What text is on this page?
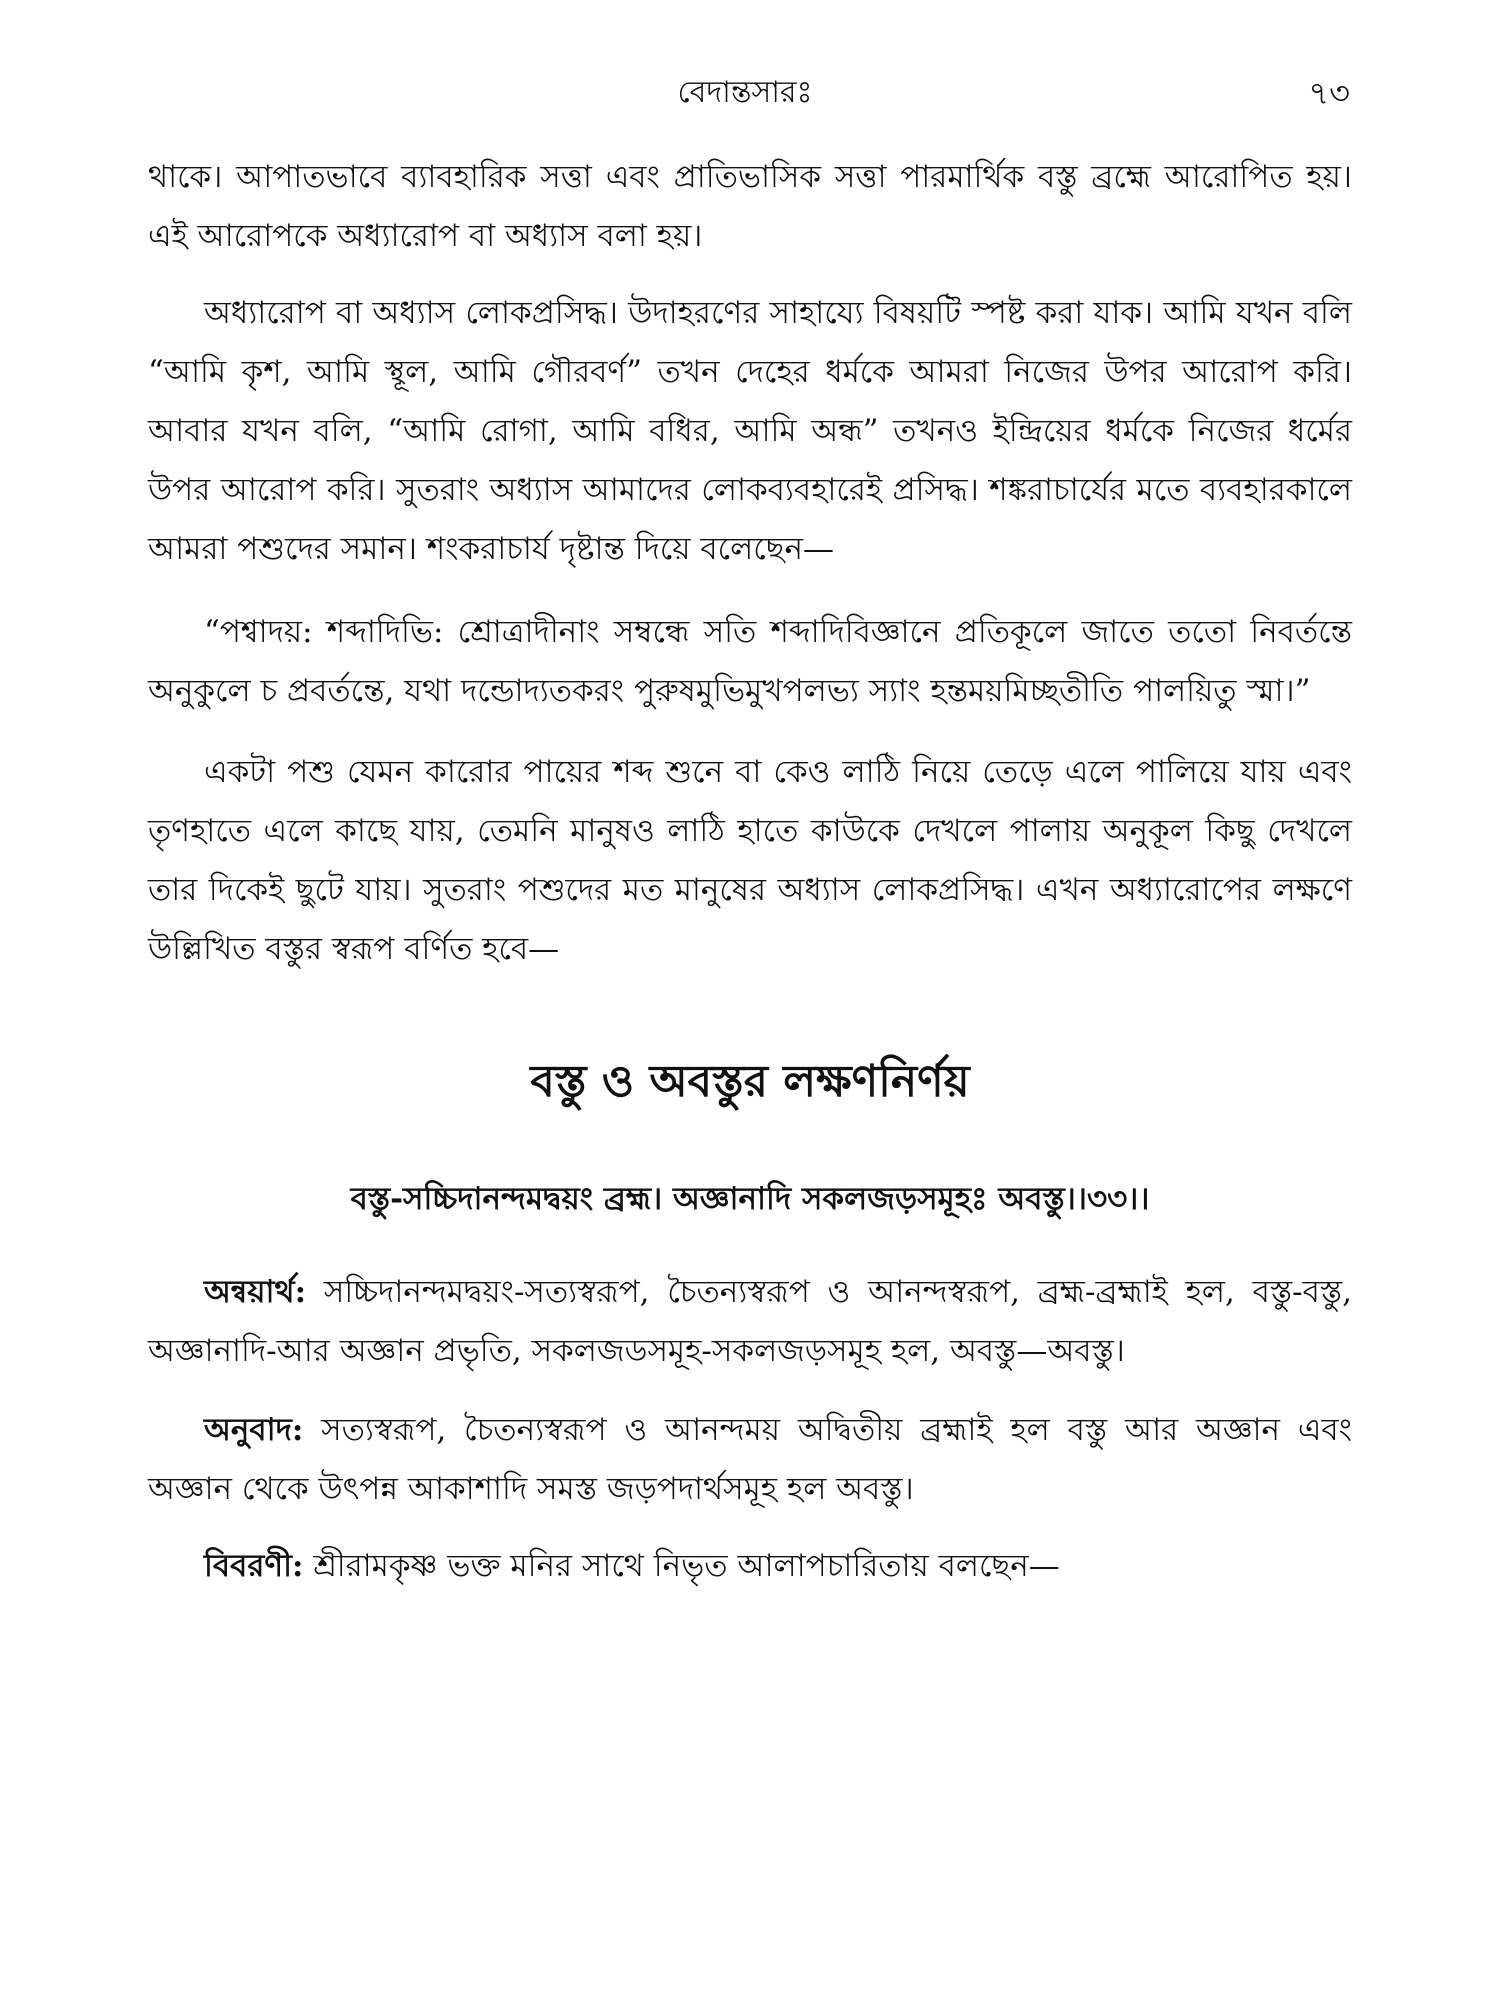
বেদান্তসারঃ	৭৩

থাকে। আপাতভাবে ব্যাবহারিক সত্তা এবং প্রাতিভাসিক সত্তা পারমার্থিক বস্তু ব্রহ্মে আরোপিত হয়। এই আরোপকে অধ্যারোপ বা অধ্যাস বলা হয়।

অধ্যারোপ বা অধ্যাস লোকপ্রসিদ্ধ। উদাহরণের সাহায্যে বিষয়টি স্পষ্ট করা যাক। আমি যখন বলি “আমি কৃশ, আমি স্থূল, আমি গৌরবর্ণ” তখন দেহের ধর্মকে আমরা নিজের উপর আরোপ করি। আবার যখন বলি, “আমি রোগা, আমি বধির, আমি অন্ধ” তখনও ইন্দ্রিয়ের ধর্মকে নিজের ধর্মের উপর আরোপ করি। সুতরাং অধ্যাস আমাদের লোকব্যবহারেই প্রসিদ্ধ। শঙ্করাচার্যের মতে ব্যবহারকালে আমরা পশুদের সমান। শংকরাচার্য দৃষ্টান্ত দিয়ে বলেছেন—

“পশ্বাদয়: শব্দাদিভি: শ্রোত্রাদীনাং সম্বন্ধে সতি শব্দাদিবিজ্ঞানে প্রতিকূলে জাতে ততো নিবর্তন্তে অনুকুলে চ প্রবর্তন্তে, যথা দন্ডোদ্যতকরং পুরুষমুভিমুখপলভ্য স্যাং হন্তময়মিচ্ছতীতি পালয়িতু স্মা।”

একটা পশু যেমন কারোর পায়ের শব্দ শুনে বা কেও লাঠি নিয়ে তেড়ে এলে পালিয়ে যায় এবং তৃণহাতে এলে কাছে যায়, তেমনি মানুষও লাঠি হাতে কাউকে দেখলে পালায় অনুকূল কিছু দেখলে তার দিকেই ছুটে যায়। সুতরাং পশুদের মত মানুষের অধ্যাস লোকপ্রসিদ্ধ। এখন অধ্যারোপের লক্ষণে উল্লিখিত বস্তুর স্বরূপ বর্ণিত হবে—

বস্তু ও অবস্তুর লক্ষণনির্ণয়
বস্তু-সচ্চিদানন্দমদ্বয়ং ব্রহ্ম। অজ্ঞানাদি সকলজড়সমূহঃ অবস্তু।।৩৩।।

অন্বয়ার্থ: সচ্চিদানন্দমদ্বয়ং-সত্যস্বরূপ, চৈতন্যস্বরূপ ও আনন্দস্বরূপ, ব্রহ্ম-ব্রহ্মাই হল, বস্তু-বস্তু, অজ্ঞানাদি-আর অজ্ঞান প্রভৃতি, সকলজডসমূহ-সকলজড়সমূহ হল, অবস্তু—অবস্তু।

অনুবাদ: সত্যস্বরূপ, চৈতন্যস্বরূপ ও আনন্দময় অদ্বিতীয় ব্রহ্মাই হল বস্তু আর অজ্ঞান এবং অজ্ঞান থেকে উৎপন্ন আকাশাদি সমস্ত জড়পদার্থসমূহ হল অবস্তু।

বিবরণী: শ্রীরামকৃষ্ণ ভক্ত মনির সাথে নিভৃত আলাপচারিতায় বলছেন—
